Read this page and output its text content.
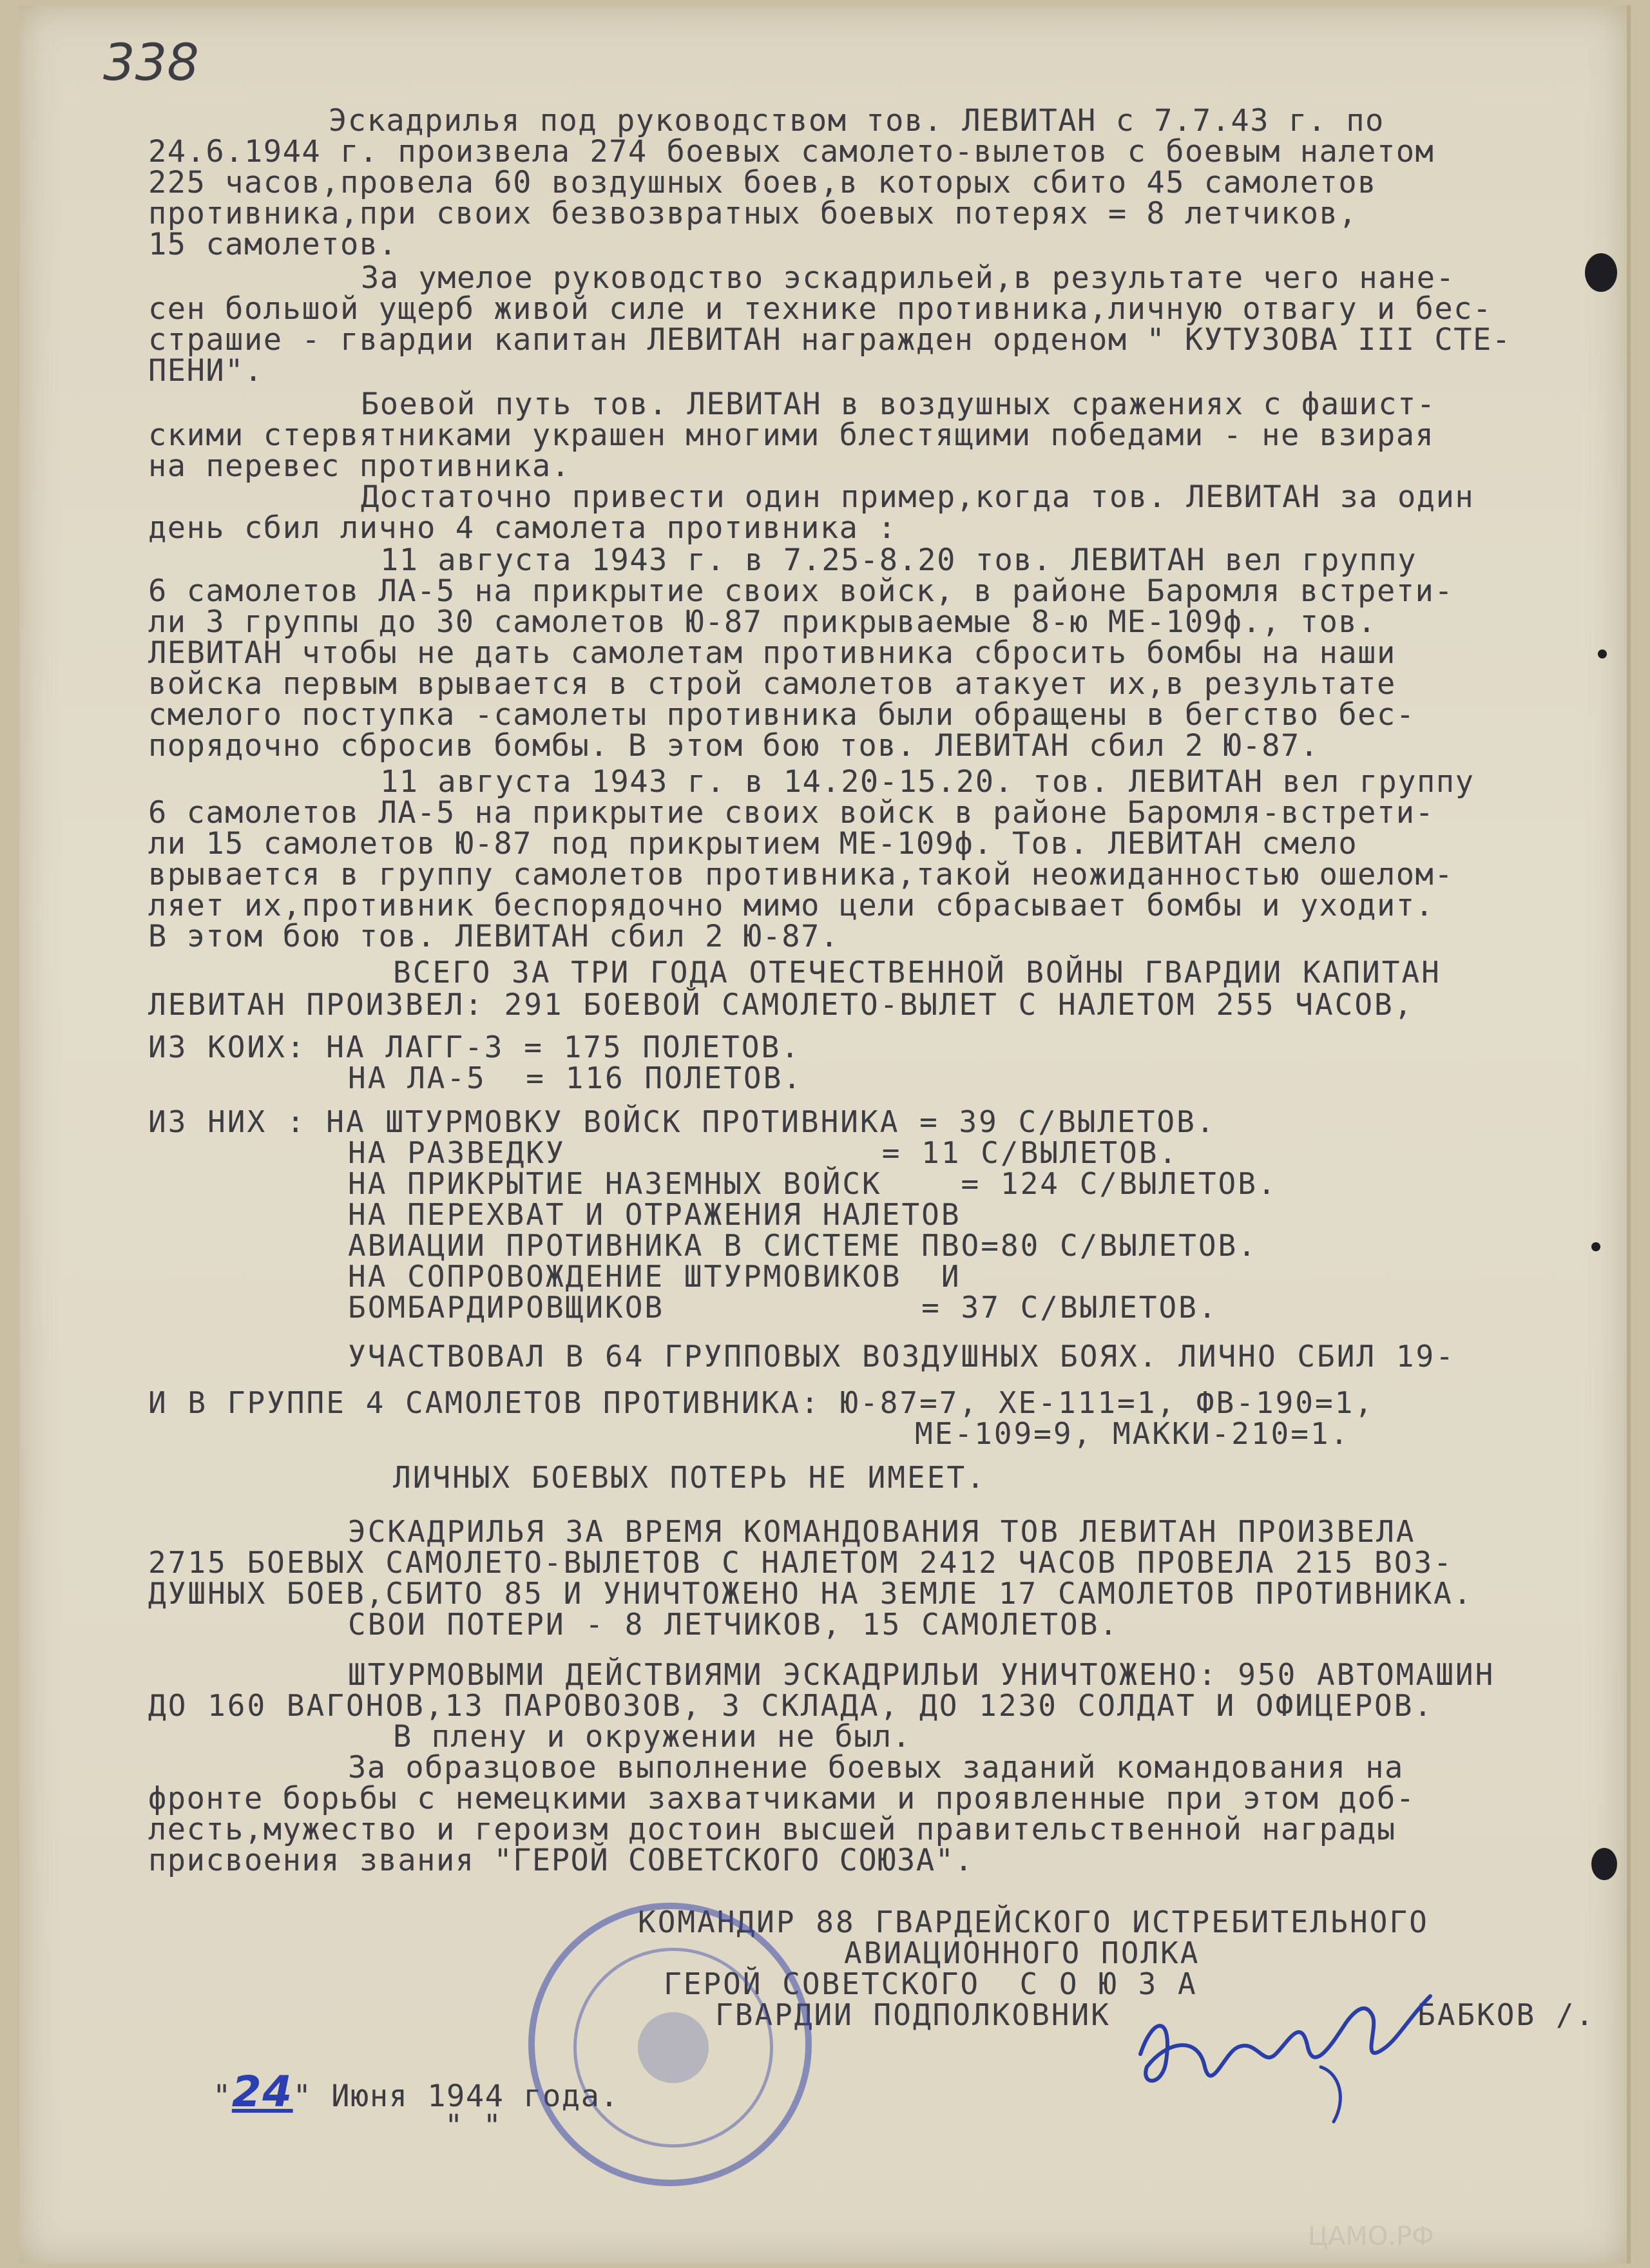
338
Эскадрилья под руководством тов. ЛЕВИТАН с 7.7.43 г. по
24.6.1944 г. произвела 274 боевых самолето-вылетов с боевым налетом
225 часов,провела 60 воздушных боев,в которых сбито 45 самолетов
противника,при своих безвозвратных боевых потерях = 8 летчиков,
15 самолетов.
За умелое руководство эскадрильей,в результате чего нане-
сен большой ущерб живой силе и технике противника,личную отвагу и бес-
страшие - гвардии капитан ЛЕВИТАН награжден орденом " КУТУЗОВА III СТЕ-
ПЕНИ".
Боевой путь тов. ЛЕВИТАН в воздушных сражениях с фашист-
скими стервятниками украшен многими блестящими победами - не взирая
на перевес противника.
Достаточно привести один пример,когда тов. ЛЕВИТАН за один
день сбил лично 4 самолета противника :
11 августа 1943 г. в 7.25-8.20 тов. ЛЕВИТАН вел группу
6 самолетов ЛА-5 на прикрытие своих войск, в районе Баромля встрети-
ли 3 группы до 30 самолетов Ю-87 прикрываемые 8-ю МЕ-109ф., тов.
ЛЕВИТАН чтобы не дать самолетам противника сбросить бомбы на наши
войска первым врывается в строй самолетов атакует их,в результате
смелого поступка -самолеты противника были обращены в бегство бес-
порядочно сбросив бомбы. В этом бою тов. ЛЕВИТАН сбил 2 Ю-87.
11 августа 1943 г. в 14.20-15.20. тов. ЛЕВИТАН вел группу
6 самолетов ЛА-5 на прикрытие своих войск в районе Баромля-встрети-
ли 15 самолетов Ю-87 под прикрытием МЕ-109ф. Тов. ЛЕВИТАН смело
врывается в группу самолетов противника,такой неожиданностью ошелом-
ляет их,противник беспорядочно мимо цели сбрасывает бомбы и уходит.
В этом бою тов. ЛЕВИТАН сбил 2 Ю-87.
ВСЕГО ЗА ТРИ ГОДА ОТЕЧЕСТВЕННОЙ ВОЙНЫ ГВАРДИИ КАПИТАН
ЛЕВИТАН ПРОИЗВЕЛ: 291 БОЕВОЙ САМОЛЕТО-ВЫЛЕТ С НАЛЕТОМ 255 ЧАСОВ,
ИЗ КОИХ: НА ЛАГГ-3 = 175 ПОЛЕТОВ.
НА ЛА-5  = 116 ПОЛЕТОВ.
ИЗ НИХ : НА ШТУРМОВКУ ВОЙСК ПРОТИВНИКА = 39 С/ВЫЛЕТОВ.
НА РАЗВЕДКУ                = 11 С/ВЫЛЕТОВ.
НА ПРИКРЫТИЕ НАЗЕМНЫХ ВОЙСК    = 124 С/ВЫЛЕТОВ.
НА ПЕРЕХВАТ И ОТРАЖЕНИЯ НАЛЕТОВ
АВИАЦИИ ПРОТИВНИКА В СИСТЕМЕ ПВО=80 С/ВЫЛЕТОВ.
НА СОПРОВОЖДЕНИЕ ШТУРМОВИКОВ  И
БОМБАРДИРОВЩИКОВ             = 37 С/ВЫЛЕТОВ.
УЧАСТВОВАЛ В 64 ГРУППОВЫХ ВОЗДУШНЫХ БОЯХ. ЛИЧНО СБИЛ 19-
И В ГРУППЕ 4 САМОЛЕТОВ ПРОТИВНИКА: Ю-87=7, ХЕ-111=1, ФВ-190=1,
МЕ-109=9, МАККИ-210=1.
ЛИЧНЫХ БОЕВЫХ ПОТЕРЬ НЕ ИМЕЕТ.
ЭСКАДРИЛЬЯ ЗА ВРЕМЯ КОМАНДОВАНИЯ ТОВ ЛЕВИТАН ПРОИЗВЕЛА
2715 БОЕВЫХ САМОЛЕТО-ВЫЛЕТОВ С НАЛЕТОМ 2412 ЧАСОВ ПРОВЕЛА 215 ВОЗ-
ДУШНЫХ БОЕВ,СБИТО 85 И УНИЧТОЖЕНО НА ЗЕМЛЕ 17 САМОЛЕТОВ ПРОТИВНИКА.
СВОИ ПОТЕРИ - 8 ЛЕТЧИКОВ, 15 САМОЛЕТОВ.
ШТУРМОВЫМИ ДЕЙСТВИЯМИ ЭСКАДРИЛЬИ УНИЧТОЖЕНО: 950 АВТОМАШИН
ДО 160 ВАГОНОВ,13 ПАРОВОЗОВ, 3 СКЛАДА, ДО 1230 СОЛДАТ И ОФИЦЕРОВ.
В плену и окружении не был.
За образцовое выполнение боевых заданий командования на
фронте борьбы с немецкими захватчиками и проявленные при этом доб-
лесть,мужество и героизм достоин высшей правительственной награды
присвоения звания "ГЕРОЙ СОВЕТСКОГО СОЮЗА".
КОМАНДИР 88 ГВАРДЕЙСКОГО ИСТРЕБИТЕЛЬНОГО
АВИАЦИОННОГО ПОЛКА
ГЕРОЙ СОВЕТСКОГО  С О Ю З А
ГВАРДИИ ПОДПОЛКОВНИК	БАБКОВ /.
"24" Июня 1944 года.
" "
ЦАМО.РФ
